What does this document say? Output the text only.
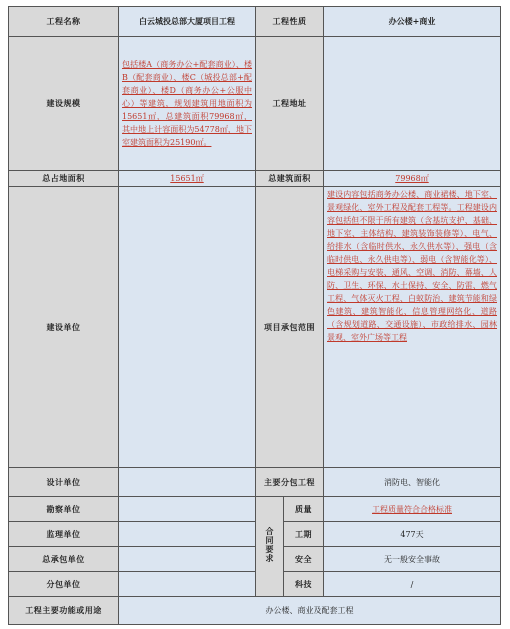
工程名称	白云城投总部大厦项目工程	工程性质		办公楼+商业
建设规模	包括楼A（商务办公+配套商业）、楼B（配套商业）、楼C（城投总部+配套商业）、楼D（商务办公+公服中心）等建筑，规划建筑用地面积为15651㎡，总建筑面积79968㎡，其中地上计容面积为54778㎡，地下室建筑面积为25190㎡。	工程地址		
总占地面积	15651㎡	总建筑面积		79968㎡
建设单位		项目承包范围		建设内容包括商务办公楼、商业裙楼、地下室、景观绿化、室外工程及配套工程等。工程建设内容包括但不限于所有建筑（含基坑支护、基础、地下室、主体结构、建筑装饰装修等）、电气、给排水（含临时供水、永久供水等）、强电（含临时供电、永久供电等）、弱电（含智能化等）、电梯采购与安装、通风、空调、消防、幕墙、人防、卫生、环保、水土保持、安全、防雷、燃气工程、气体灭火工程、白蚁防治、建筑节能和绿色建筑、建筑智能化、信息管理网络化、道路（含规划道路、交通设施）、市政给排水、园林景观、室外广场等工程
设计单位		主要分包工程		消防电、智能化
勘察单位		合同要求	质量	工程质量符合合格标准
监理单位			工期	477天
总承包单位			安全	无一般安全事故
分包单位			科技	/
工程主要功能或用途	办公楼、商业及配套工程			
